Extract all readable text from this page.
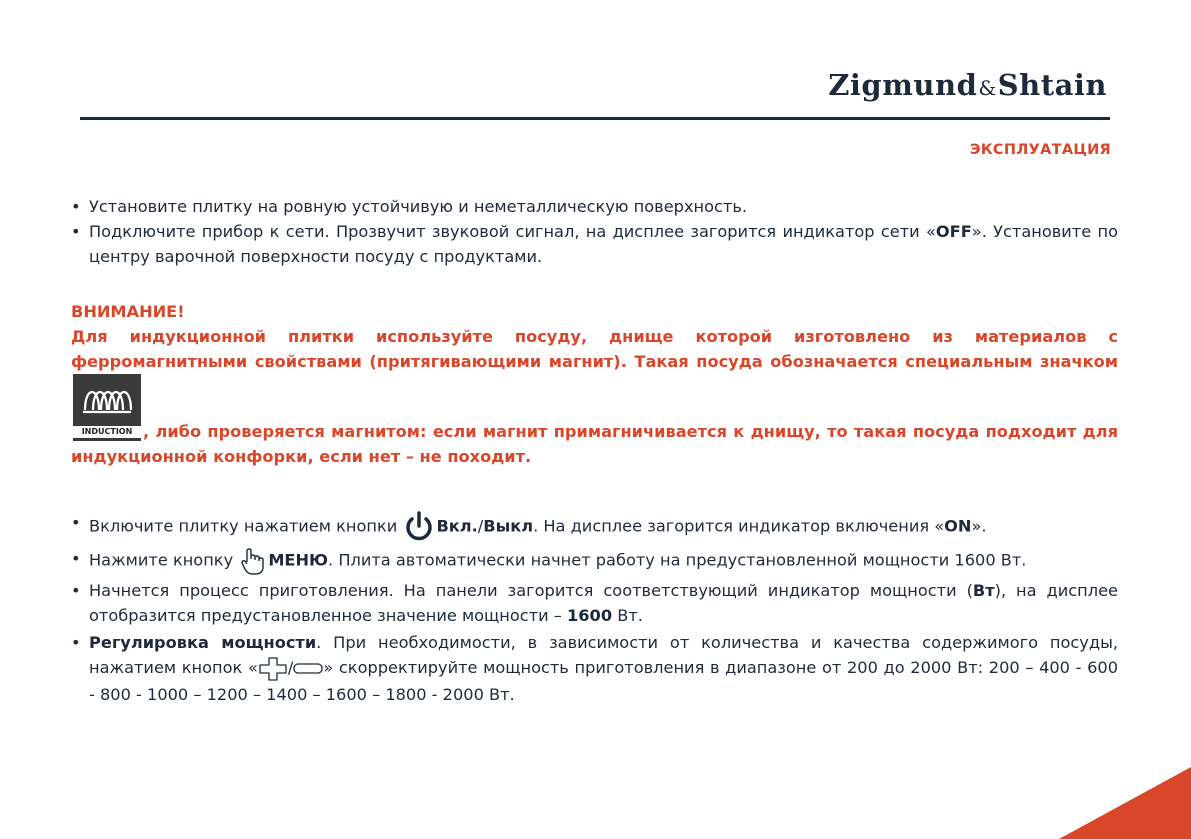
Zigmund&Shtain
ЭКСПЛУАТАЦИЯ
• Установите плитку на ровную устойчивую и неметаллическую поверхность.
• Подключите прибор к сети. Прозвучит звуковой сигнал, на дисплее загорится индикатор сети «OFF». Установите по центру варочной поверхности посуду с продуктами.

ВНИМАНИЕ!

Для индукционной плитки используйте посуду, днище которой изготовлено из материалов с ферромагнитными свойствами (притягивающими магнит). Такая посуда обозначается специальным значком
INDUCTION , либо проверяется магнитом: если магнит примагничивается к днищу, то такая посуда подходит для индукционной конфорки, если нет – не походит.

• Включите плитку нажатием кнопки Вкл./Выкл. На дисплее загорится индикатор включения «ON».
• Нажмите кнопку МЕНЮ. Плита автоматически начнет работу на предустановленной мощности 1600 Вт.
• Начнется процесс приготовления. На панели загорится соответствующий индикатор мощности (Вт), на дисплее отобразится предустановленное значение мощности – 1600 Вт.
• Регулировка мощности. При необходимости, в зависимости от количества и качества содержимого посуды, нажатием кнопок « / » скорректируйте мощность приготовления в диапазоне от 200 до 2000 Вт: 200 – 400 - 600 - 800 - 1000 – 1200 – 1400 – 1600 – 1800 - 2000 Вт.
